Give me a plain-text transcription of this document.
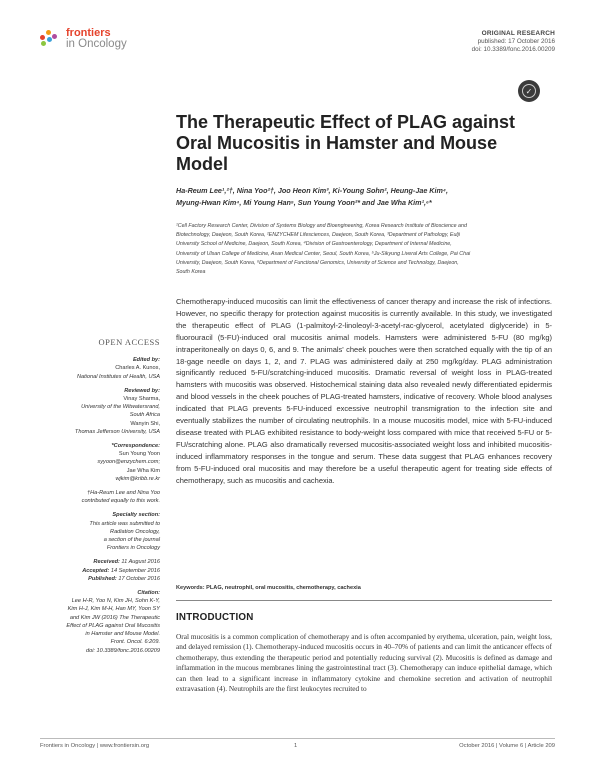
frontiers
in Oncology
ORIGINAL RESEARCH
published: 17 October 2016
doi: 10.3389/fonc.2016.00209
✓
The Therapeutic Effect of PLAG against Oral Mucositis in Hamster and Mouse Model
Ha-Reum Lee¹,²†, Nina Yoo²†, Joo Heon Kim³, Ki-Young Sohn², Heung-Jae Kim⁴,
Myung-Hwan Kim⁴, Mi Young Han⁵, Sun Young Yoon²* and Jae Wha Kim¹,⁶*
¹Cell Factory Research Center, Division of Systems Biology and Bioengineering, Korea Research Institute of Bioscience and
Biotechnology, Daejeon, South Korea, ²ENZYCHEM Lifesciences, Daejeon, South Korea, ³Department of Pathology, Eulji
University School of Medicine, Daejeon, South Korea, ⁴Division of Gastroenterology, Department of Internal Medicine,
University of Ulsan College of Medicine, Asan Medical Center, Seoul, South Korea, ⁵Ju-Sikyung Liveral Arts College, Pai Chai
University, Daejeon, South Korea, ⁶Department of Functional Genomics, University of Science and Technology, Daejeon,
South Korea
Chemotherapy-induced mucositis can limit the effectiveness of cancer therapy and increase the risk of infections. However, no specific therapy for protection against mucositis is currently available. In this study, we investigated the therapeutic effect of PLAG (1-palmitoyl-2-linoleoyl-3-acetyl-rac-glycerol, acetylated diglyceride) in 5-fluorouracil (5-FU)-induced oral mucositis animal models. Hamsters were administered 5-FU (80 mg/kg) intraperitoneally on days 0, 6, and 9. The animals' cheek pouches were then scratched equally with the tip of an 18-gage needle on days 1, 2, and 7. PLAG was administered daily at 250 mg/kg/day. PLAG administration significantly reduced 5-FU/scratching-induced mucositis. Dramatic reversal of weight loss in PLAG-treated hamsters with mucositis was observed. Histochemical staining data also revealed newly differentiated epidermis and blood vessels in the cheek pouches of PLAG-treated hamsters, indicative of recovery. Whole blood analyses indicated that PLAG prevents 5-FU-induced excessive neutrophil transmigration to the infection site and eventually stabilizes the number of circulating neutrophils. In a mouse mucositis model, mice with 5-FU-induced disease treated with PLAG exhibited resistance to body-weight loss compared with mice that received 5-FU or 5-FU/scratching alone. PLAG also dramatically reversed mucositis-associated weight loss and inhibited mucositis-induced inflammatory responses in the tongue and serum. These data suggest that PLAG enhances recovery from 5-FU-induced oral mucositis and may therefore be a useful therapeutic agent for treating side effects of chemotherapy, such as mucositis and cachexia.
Keywords: PLAG, neutrophil, oral mucositis, chemotherapy, cachexia
INTRODUCTION
Oral mucositis is a common complication of chemotherapy and is often accompanied by erythema, ulceration, pain, weight loss, and delayed remission (1). Chemotherapy-induced mucositis occurs in 40–70% of patients and can limit the anticancer effects of chemotherapy, thus extending the therapeutic period and potentially reducing survival (2). Mucositis is defined as damage and inflammation in the mucous membranes lining the gastrointestinal tract (3). Chemotherapy can induce epithelial damage, which can then lead to a significant increase in inflammatory cytokine and chemokine secretion and activation of neutrophil extravasation (4). Neutrophils are the first leukocytes recruited to
OPEN ACCESS
Edited by:
Charles A. Kunos,
National Institutes of Health, USA
Reviewed by:
Vinay Sharma,
University of the Witwatersrand,
South Africa
Wanyin Shi,
Thomas Jefferson University, USA
*Correspondence:
Sun Young Yoon
syyoon@enzychem.com;
Jae Wha Kim
wjkim@kribb.re.kr
†Ha-Reum Lee and Nina Yoo
contributed equally to this work.
Specialty section:
This article was submitted to
Radiation Oncology,
a section of the journal
Frontiers in Oncology
Received: 11 August 2016
Accepted: 14 September 2016
Published: 17 October 2016
Citation:
Lee H-R, Yoo N, Kim JH, Sohn K-Y,
Kim H-J, Kim M-H, Han MY, Yoon SY
and Kim JW (2016) The Therapeutic
Effect of PLAG against Oral Mucositis
in Hamster and Mouse Model.
Front. Oncol. 6:209.
doi: 10.3389/fonc.2016.00209
Frontiers in Oncology | www.frontiersin.org	1	October 2016 | Volume 6 | Article 209
